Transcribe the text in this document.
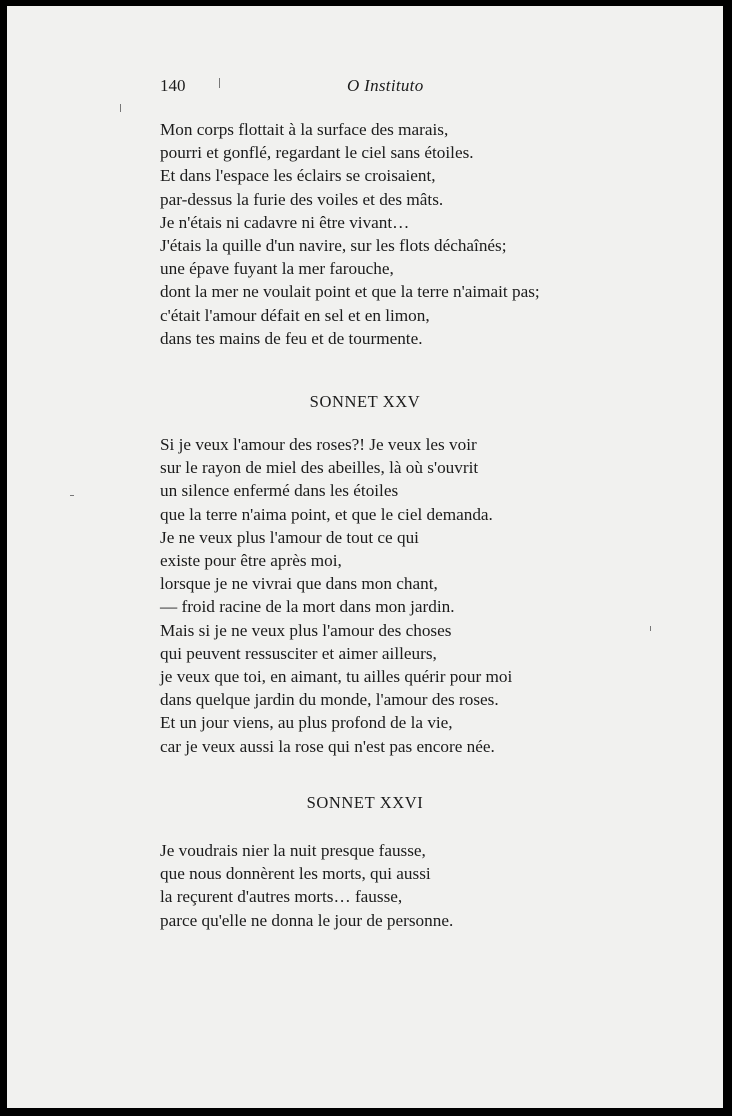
140	O Instituto
Mon corps flottait à la surface des marais,
pourri et gonflé, regardant le ciel sans étoiles.
Et dans l'espace les éclairs se croisaient,
par-dessus la furie des voiles et des mâts.
Je n'étais ni cadavre ni être vivant…
J'étais la quille d'un navire, sur les flots déchaînés;
une épave fuyant la mer farouche,
dont la mer ne voulait point et que la terre n'aimait pas;
c'était l'amour défait en sel et en limon,
dans tes mains de feu et de tourmente.
SONNET XXV
Si je veux l'amour des roses?! Je veux les voir
sur le rayon de miel des abeilles, là où s'ouvrit
un silence enfermé dans les étoiles
que la terre n'aima point, et que le ciel demanda.
Je ne veux plus l'amour de tout ce qui
existe pour être après moi,
lorsque je ne vivrai que dans mon chant,
— froid racine de la mort dans mon jardin.
Mais si je ne veux plus l'amour des choses
qui peuvent ressusciter et aimer ailleurs,
je veux que toi, en aimant, tu ailles quérir pour moi
dans quelque jardin du monde, l'amour des roses.
Et un jour viens, au plus profond de la vie,
car je veux aussi la rose qui n'est pas encore née.
SONNET XXVI
Je voudrais nier la nuit presque fausse,
que nous donnèrent les morts, qui aussi
la reçurent d'autres morts… fausse,
parce qu'elle ne donna le jour de personne.
